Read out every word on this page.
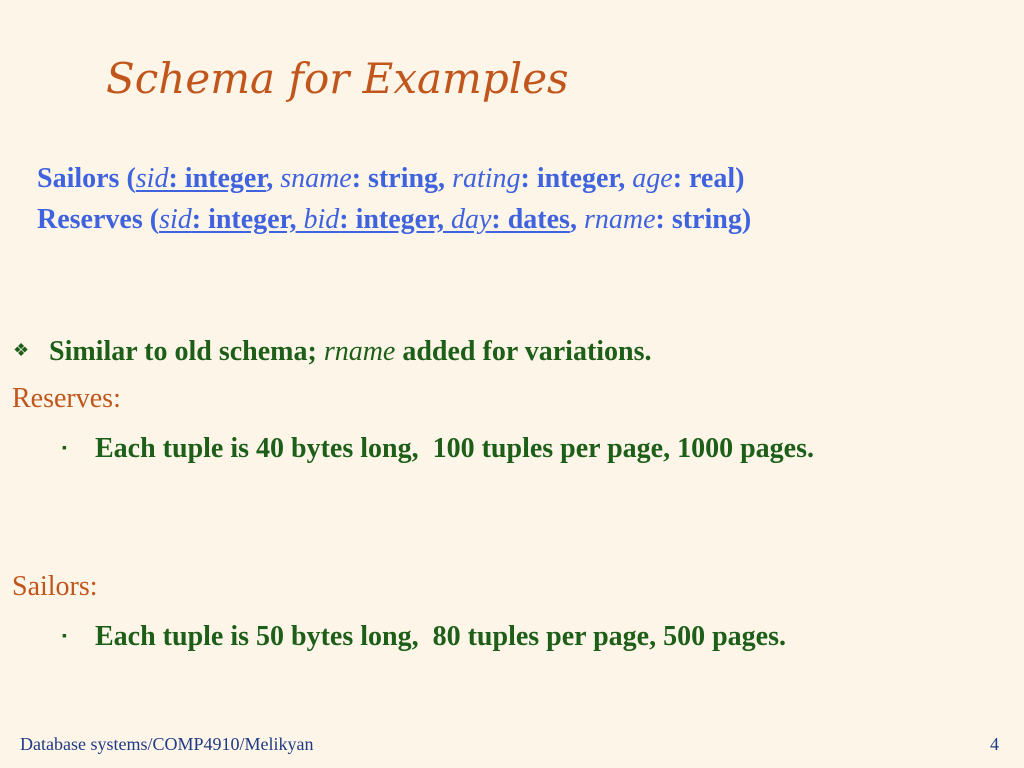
Schema for Examples
Sailors (sid: integer, sname: string, rating: integer, age: real)
Reserves (sid: integer, bid: integer, day: dates, rname: string)
❖ Similar to old schema; rname added for variations.
Reserves:
▪ Each tuple is 40 bytes long,  100 tuples per page, 1000 pages.
Sailors:
▪ Each tuple is 50 bytes long,  80 tuples per page, 500 pages.
Database systems/COMP4910/Melikyan	4
